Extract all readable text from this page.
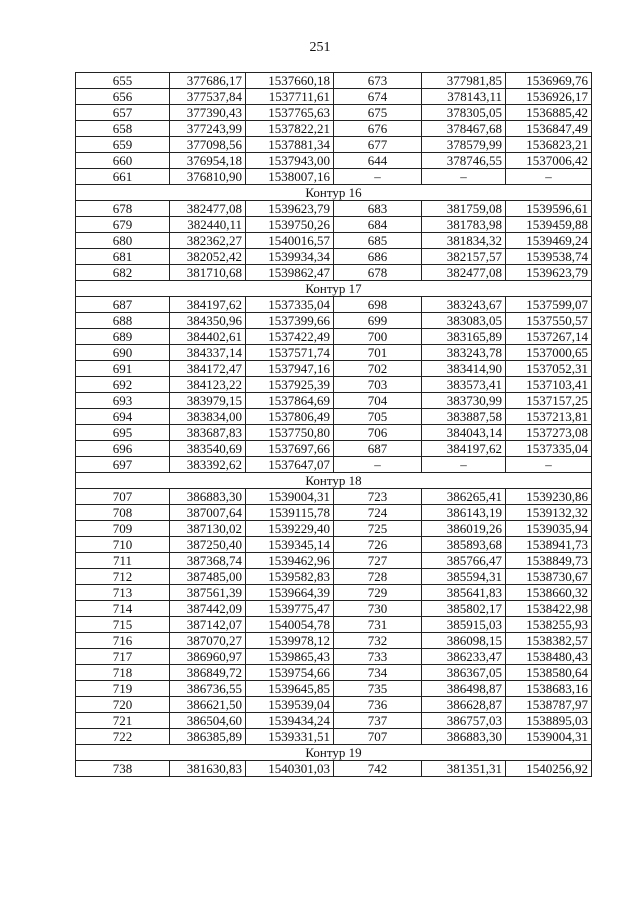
251
655	377686,17	1537660,18	673	377981,85	1536969,76
656	377537,84	1537711,61	674	378143,11	1536926,17
657	377390,43	1537765,63	675	378305,05	1536885,42
658	377243,99	1537822,21	676	378467,68	1536847,49
659	377098,56	1537881,34	677	378579,99	1536823,21
660	376954,18	1537943,00	644	378746,55	1537006,42
661	376810,90	1538007,16	–	–	–
Контур 16					
678	382477,08	1539623,79	683	381759,08	1539596,61
679	382440,11	1539750,26	684	381783,98	1539459,88
680	382362,27	1540016,57	685	381834,32	1539469,24
681	382052,42	1539934,34	686	382157,57	1539538,74
682	381710,68	1539862,47	678	382477,08	1539623,79
Контур 17					
687	384197,62	1537335,04	698	383243,67	1537599,07
688	384350,96	1537399,66	699	383083,05	1537550,57
689	384402,61	1537422,49	700	383165,89	1537267,14
690	384337,14	1537571,74	701	383243,78	1537000,65
691	384172,47	1537947,16	702	383414,90	1537052,31
692	384123,22	1537925,39	703	383573,41	1537103,41
693	383979,15	1537864,69	704	383730,99	1537157,25
694	383834,00	1537806,49	705	383887,58	1537213,81
695	383687,83	1537750,80	706	384043,14	1537273,08
696	383540,69	1537697,66	687	384197,62	1537335,04
697	383392,62	1537647,07	–	–	–
Контур 18					
707	386883,30	1539004,31	723	386265,41	1539230,86
708	387007,64	1539115,78	724	386143,19	1539132,32
709	387130,02	1539229,40	725	386019,26	1539035,94
710	387250,40	1539345,14	726	385893,68	1538941,73
711	387368,74	1539462,96	727	385766,47	1538849,73
712	387485,00	1539582,83	728	385594,31	1538730,67
713	387561,39	1539664,39	729	385641,83	1538660,32
714	387442,09	1539775,47	730	385802,17	1538422,98
715	387142,07	1540054,78	731	385915,03	1538255,93
716	387070,27	1539978,12	732	386098,15	1538382,57
717	386960,97	1539865,43	733	386233,47	1538480,43
718	386849,72	1539754,66	734	386367,05	1538580,64
719	386736,55	1539645,85	735	386498,87	1538683,16
720	386621,50	1539539,04	736	386628,87	1538787,97
721	386504,60	1539434,24	737	386757,03	1538895,03
722	386385,89	1539331,51	707	386883,30	1539004,31
Контур 19					
738	381630,83	1540301,03	742	381351,31	1540256,92
